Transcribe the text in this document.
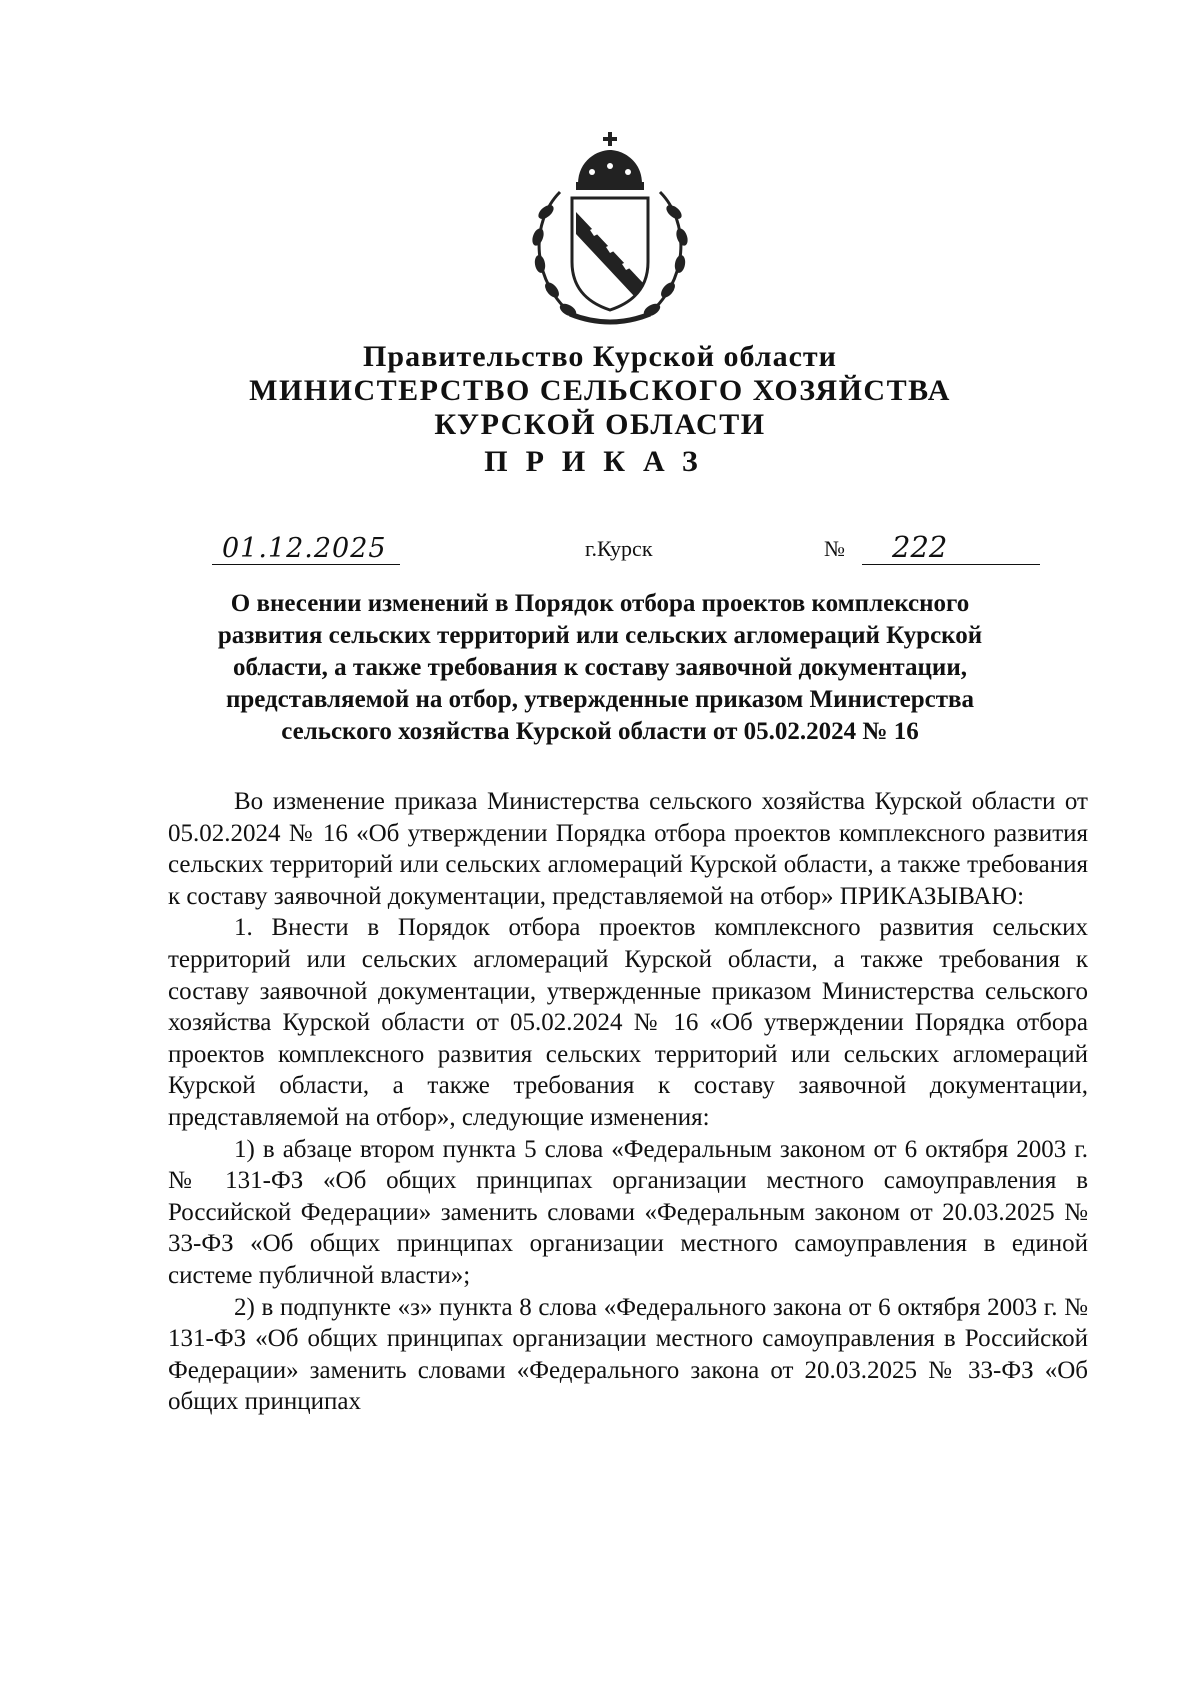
Правительство Курской области
МИНИСТЕРСТВО СЕЛЬСКОГО ХОЗЯЙСТВА
КУРСКОЙ ОБЛАСТИ
ПРИКАЗ
01.12.2025	г.Курск	№ 222
О внесении изменений в Порядок отбора проектов комплексного
развития сельских территорий или сельских агломераций Курской
области, а также требования к составу заявочной документации,
представляемой на отбор, утвержденные приказом Министерства
сельского хозяйства Курской области от 05.02.2024 № 16

Во изменение приказа Министерства сельского хозяйства Курской области от 05.02.2024 № 16 «Об утверждении Порядка отбора проектов комплексного развития сельских территорий или сельских агломераций Курской области, а также требования к составу заявочной документации, представляемой на отбор» ПРИКАЗЫВАЮ:

1. Внести в Порядок отбора проектов комплексного развития сельских территорий или сельских агломераций Курской области, а также требования к составу заявочной документации, утвержденные приказом Министерства сельского хозяйства Курской области от 05.02.2024 № 16 «Об утверждении Порядка отбора проектов комплексного развития сельских территорий или сельских агломераций Курской области, а также требования к составу заявочной документации, представляемой на отбор», следующие изменения:

1) в абзаце втором пункта 5 слова «Федеральным законом от 6 октября 2003 г. № 131-ФЗ «Об общих принципах организации местного самоуправления в Российской Федерации» заменить словами «Федеральным законом от 20.03.2025 № 33-ФЗ «Об общих принципах организации местного самоуправления в единой системе публичной власти»;

2) в подпункте «з» пункта 8 слова «Федерального закона от 6 октября 2003 г. № 131-ФЗ «Об общих принципах организации местного самоуправления в Российской Федерации» заменить словами «Федерального закона от 20.03.2025 № 33-ФЗ «Об общих принципах
